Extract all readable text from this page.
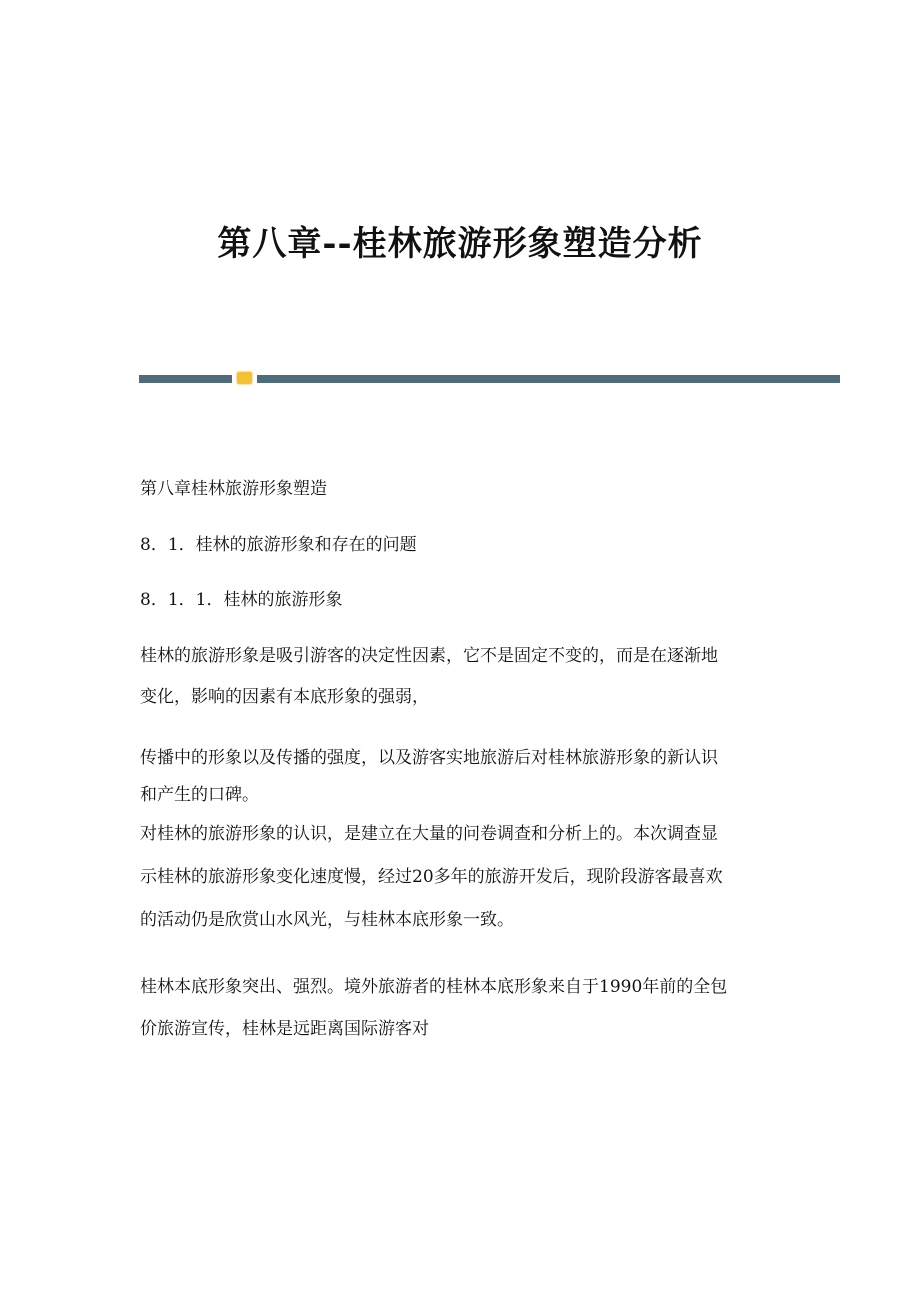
第八章--桂林旅游形象塑造分析
第八章桂林旅游形象塑造
8．1．桂林的旅游形象和存在的问题
8．1．1．桂林的旅游形象
桂林的旅游形象是吸引游客的决定性因素，它不是固定不变的，而是在逐渐地
变化，影响的因素有本底形象的强弱，
传播中的形象以及传播的强度，以及游客实地旅游后对桂林旅游形象的新认识
和产生的口碑。
对桂林的旅游形象的认识，是建立在大量的问卷调查和分析上的。本次调查显
示桂林的旅游形象变化速度慢，经过20多年的旅游开发后，现阶段游客最喜欢
的活动仍是欣赏山水风光，与桂林本底形象一致。
桂林本底形象突出、强烈。境外旅游者的桂林本底形象来自于1990年前的全包
价旅游宣传，桂林是远距离国际游客对
